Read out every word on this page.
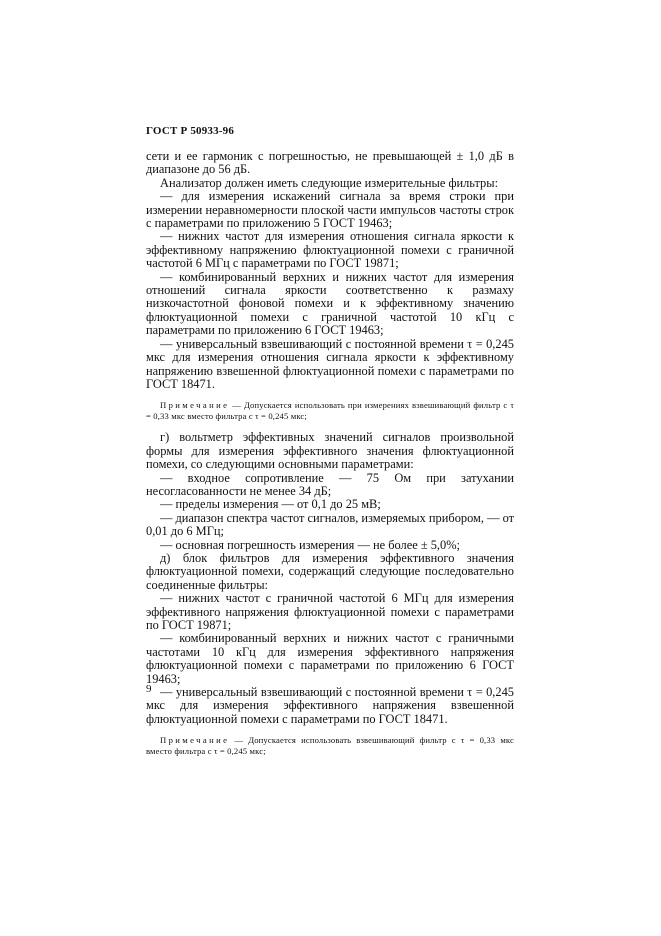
ГОСТ Р 50933-96

сети и ее гармоник с погрешностью, не превышающей ± 1,0 дБ в диапазоне до 56 дБ.

Анализатор должен иметь следующие измерительные фильтры:

— для измерения искажений сигнала за время строки при измерении неравномерности плоской части импульсов частоты строк с параметрами по приложению 5 ГОСТ 19463;

— нижних частот для измерения отношения сигнала яркости к эффективному напряжению флюктуационной помехи с граничной частотой 6 МГц с параметрами по ГОСТ 19871;

— комбинированный верхних и нижних частот для измерения отношений сигнала яркости соответственно к размаху низкочастотной фоновой помехи и к эффективному значению флюктуационной помехи с граничной частотой 10 кГц с параметрами по приложению 6 ГОСТ 19463;

— универсальный взвешивающий с постоянной времени τ = 0,245 мкс для измерения отношения сигнала яркости к эффективному напряжению взвешенной флюктуационной помехи с параметрами по ГОСТ 18471.

Примечание — Допускается использовать при измерениях взвешивающий фильтр с τ = 0,33 мкс вместо фильтра с τ = 0,245 мкс;

г) вольтметр эффективных значений сигналов произвольной формы для измерения эффективного значения флюктуационной помехи, со следующими основными параметрами:

— входное сопротивление — 75 Ом при затухании несогласованности не менее 34 дБ;

— пределы измерения — от 0,1 до 25 мВ;

— диапазон спектра частот сигналов, измеряемых прибором, — от 0,01 до 6 МГц;

— основная погрешность измерения — не более ± 5,0%;

д) блок фильтров для измерения эффективного значения флюктуационной помехи, содержащий следующие последовательно соединенные фильтры:

— нижних частот с граничной частотой 6 МГц для измерения эффективного напряжения флюктуационной помехи с параметрами по ГОСТ 19871;

— комбинированный верхних и нижних частот с граничными частотами 10 кГц для измерения эффективного напряжения флюктуационной помехи с параметрами по приложению 6 ГОСТ 19463;

— универсальный взвешивающий с постоянной времени τ = 0,245 мкс для измерения эффективного напряжения взвешенной флюктуационной помехи с параметрами по ГОСТ 18471.

Примечание — Допускается использовать взвешивающий фильтр с τ = 0,33 мкс вместо фильтра с τ = 0,245 мкс;

9
